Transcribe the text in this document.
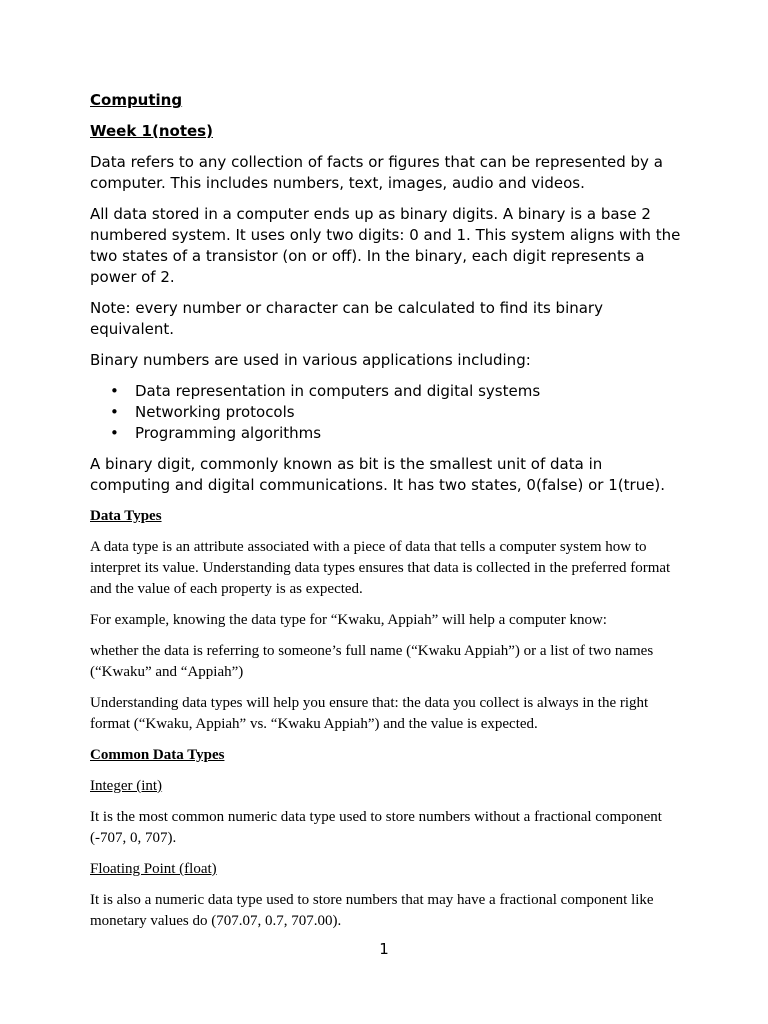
Computing

Week 1(notes)

Data refers to any collection of facts or figures that can be represented by a computer. This includes numbers, text, images, audio and videos.

All data stored in a computer ends up as binary digits. A binary is a base 2 numbered system. It uses only two digits: 0 and 1. This system aligns with the two states of a transistor (on or off). In the binary, each digit represents a power of 2.

Note: every number or character can be calculated to find its binary equivalent.

Binary numbers are used in various applications including:

• Data representation in computers and digital systems
• Networking protocols
• Programming algorithms

A binary digit, commonly known as bit is the smallest unit of data in computing and digital communications. It has two states, 0(false) or 1(true).

Data Types

A data type is an attribute associated with a piece of data that tells a computer system how to interpret its value. Understanding data types ensures that data is collected in the preferred format and the value of each property is as expected.

For example, knowing the data type for “Kwaku, Appiah” will help a computer know:

whether the data is referring to someone’s full name (“Kwaku Appiah”) or a list of two names (“Kwaku” and “Appiah”)

Understanding data types will help you ensure that: the data you collect is always in the right format (“Kwaku, Appiah” vs. “Kwaku Appiah”) and the value is expected.

Common Data Types

Integer (int)

It is the most common numeric data type used to store numbers without a fractional component (-707, 0, 707).

Floating Point (float)

It is also a numeric data type used to store numbers that may have a fractional component like monetary values do (707.07, 0.7, 707.00).

1
